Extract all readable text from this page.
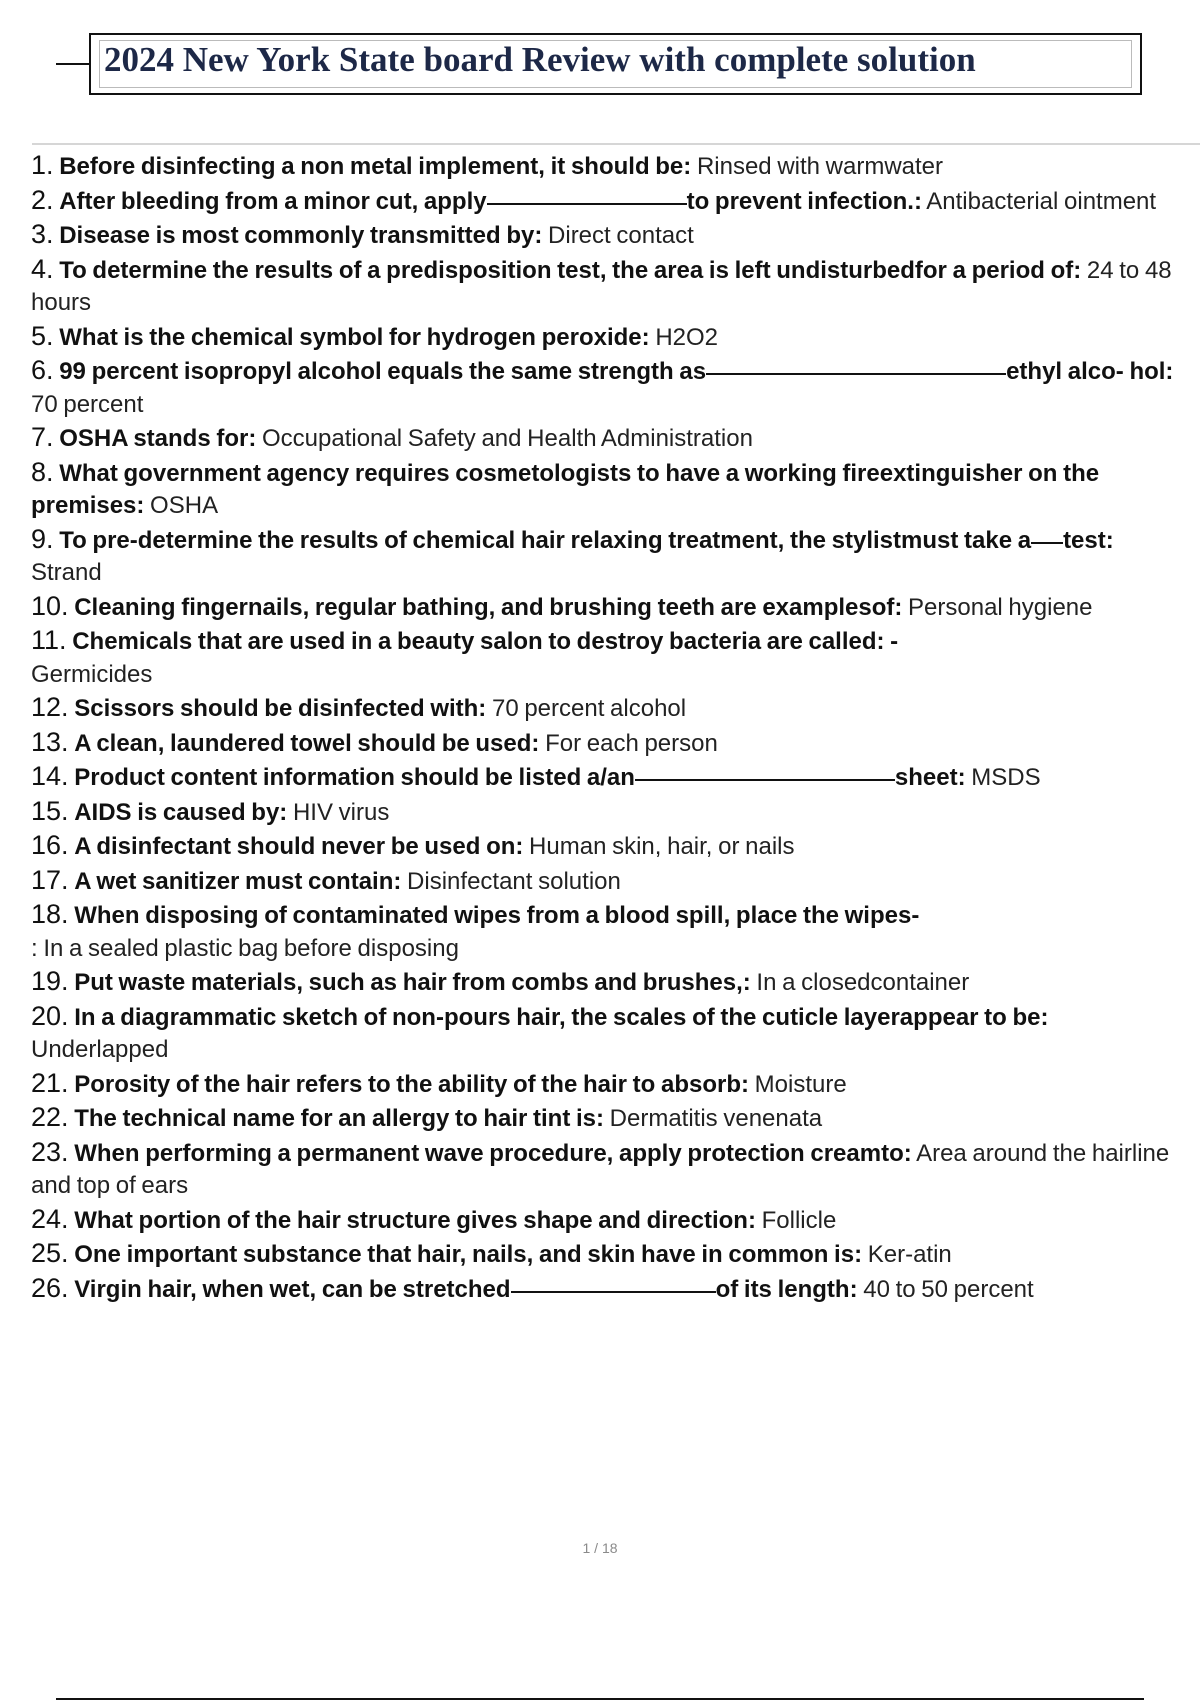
2024 New York State board Review with complete solution

1. Before disinfecting a non metal implement, it should be: Rinsed with warmwater

2. After bleeding from a minor cut, apply	to prevent infection.: Antibacterial ointment

3. Disease is most commonly transmitted by: Direct contact

4. To determine the results of a predisposition test, the area is left undisturbedfor a period of: 24 to 48 hours

5. What is the chemical symbol for hydrogen peroxide: H2O2

6. 99 percent isopropyl alcohol equals the same strength as	ethyl alco- hol: 70 percent

7. OSHA stands for: Occupational Safety and Health Administration

8. What government agency requires cosmetologists to have a working fireextinguisher on the premises: OSHA

9. To pre-determine the results of chemical hair relaxing treatment, the stylistmust take a test: Strand

10. Cleaning fingernails, regular bathing, and brushing teeth are examplesof: Personal hygiene

11. Chemicals that are used in a beauty salon to destroy bacteria are called: -
Germicides

12. Scissors should be disinfected with: 70 percent alcohol

13. A clean, laundered towel should be used: For each person

14. Product content information should be listed a/an	sheet: MSDS

15. AIDS is caused by: HIV virus

16. A disinfectant should never be used on: Human skin, hair, or nails

17. A wet sanitizer must contain: Disinfectant solution

18. When disposing of contaminated wipes from a blood spill, place the wipes-
: In a sealed plastic bag before disposing

19. Put waste materials, such as hair from combs and brushes,: In a closedcontainer

20. In a diagrammatic sketch of non-pours hair, the scales of the cuticle layerappear to be:
Underlapped

21. Porosity of the hair refers to the ability of the hair to absorb: Moisture

22. The technical name for an allergy to hair tint is: Dermatitis venenata

23. When performing a permanent wave procedure, apply protection creamto: Area around the hairline and top of ears

24. What portion of the hair structure gives shape and direction: Follicle

25. One important substance that hair, nails, and skin have in common is: Ker-atin

26. Virgin hair, when wet, can be stretched	of its length: 40 to 50 percent

1 / 18
